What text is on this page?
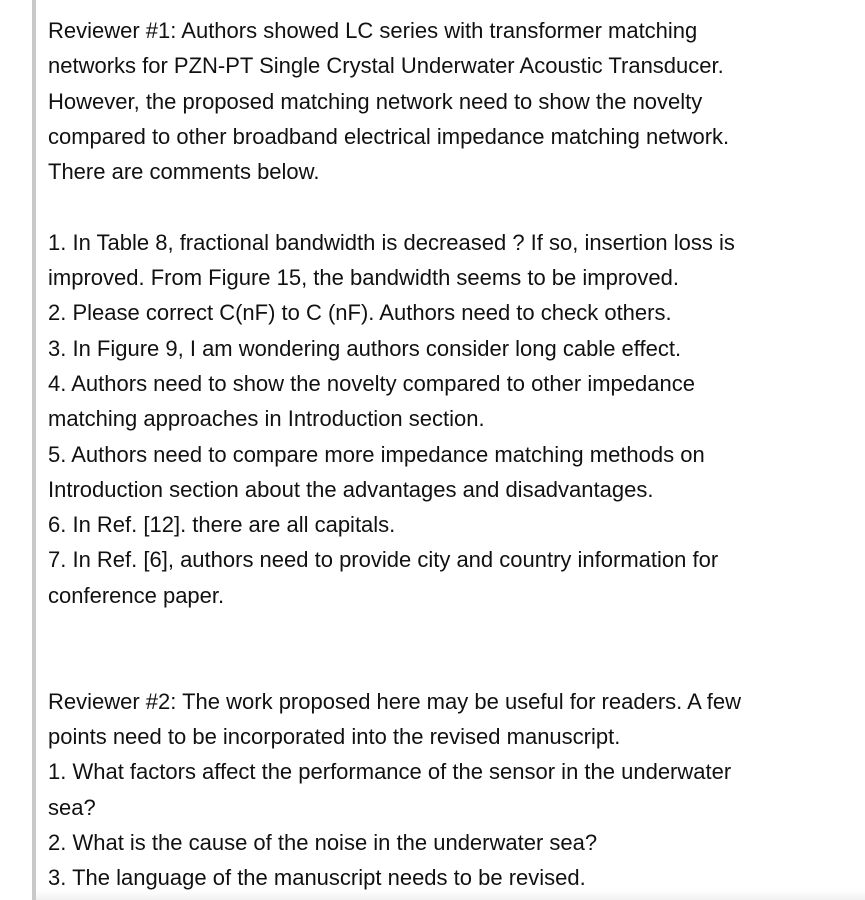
Reviewer #1: Authors showed LC series with transformer matching
networks for PZN-PT Single Crystal Underwater Acoustic Transducer.
However, the proposed matching network need to show the novelty
compared to other broadband electrical impedance matching network.
There are comments below.
1. In Table 8, fractional bandwidth is decreased ? If so, insertion loss is
improved. From Figure 15, the bandwidth seems to be improved.
2. Please correct C(nF) to C (nF). Authors need to check others.
3. In Figure 9, I am wondering authors consider long cable effect.
4. Authors need to show the novelty compared to other impedance
matching approaches in Introduction section.
5. Authors need to compare more impedance matching methods on
Introduction section about the advantages and disadvantages.
6. In Ref. [12]. there are all capitals.
7. In Ref. [6], authors need to provide city and country information for
conference paper.
Reviewer #2: The work proposed here may be useful for readers. A few
points need to be incorporated into the revised manuscript.
1. What factors affect the performance of the sensor in the underwater
sea?
2. What is the cause of the noise in the underwater sea?
3. The language of the manuscript needs to be revised.
